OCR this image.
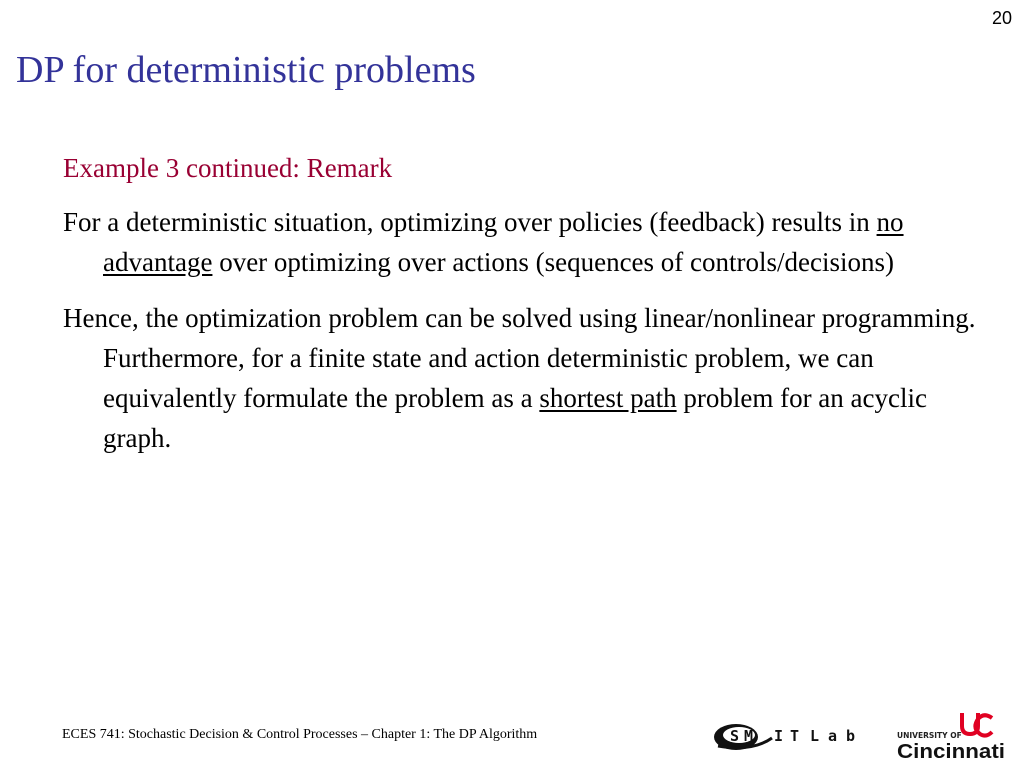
20
DP for deterministic problems

Example 3 continued: Remark

For a deterministic situation, optimizing over policies (feedback) results in no advantage over optimizing over actions (sequences of controls/decisions)

Hence, the optimization problem can be solved using linear/nonlinear programming. Furthermore, for a finite state and action deterministic problem, we can equivalently formulate the problem as a shortest path problem for an acyclic graph.

ECES 741: Stochastic Decision & Control Processes – Chapter 1: The DP Algorithm	S M I T L a b	UNIVERSITY OF
Cincinnati
